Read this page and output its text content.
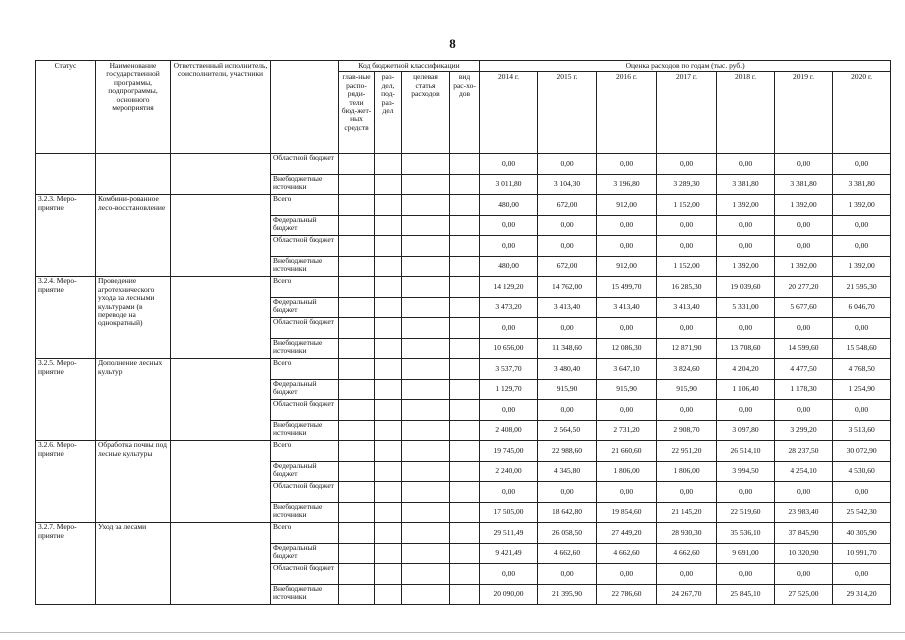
8
Статус	Наименование государственной программы, подпрограммы, основного мероприятия	Ответственный исполнитель, соисполнители, участники		Код бюджетной классификации				Оценка расходов по годам (тыс. руб.)						
				глав-ные распо-ряди-тели бюд-жет-ных средств	раз-дел, под-раз-дел	целевая статья расходов	вид рас-хо-дов	2014 г.	2015 г.	2016 г.	2017 г.	2018 г.	2019 г.	2020 г.
			Областной бюджет					0,00	0,00	0,00	0,00	0,00	0,00	0,00
			Внебюджетные источники					3 011,80	3 104,30	3 196,80	3 289,30	3 381,80	3 381,80	3 381,80
3.2.3. Меро-приятие	Комбини-рованное лесо-восстановление		Всего					480,00	672,00	912,00	1 152,00	1 392,00	1 392,00	1 392,00
			Федеральный бюджет					0,00	0,00	0,00	0,00	0,00	0,00	0,00
			Областной бюджет					0,00	0,00	0,00	0,00	0,00	0,00	0,00
			Внебюджетные источники					480,00	672,00	912,00	1 152,00	1 392,00	1 392,00	1 392,00
3.2.4. Меро-приятие	Проведение агротехнического ухода за лесными культурами (в переводе на однократный)		Всего					14 129,20	14 762,00	15 499,70	16 285,30	19 039,60	20 277,20	21 595,30
			Федеральный бюджет					3 473,20	3 413,40	3 413,40	3 413,40	5 331,00	5 677,60	6 046,70
			Областной бюджет					0,00	0,00	0,00	0,00	0,00	0,00	0,00
			Внебюджетные источники					10 656,00	11 348,60	12 086,30	12 871,90	13 708,60	14 599,60	15 548,60
3.2.5. Меро-приятие	Дополнение лесных культур		Всего					3 537,70	3 480,40	3 647,10	3 824,60	4 204,20	4 477,50	4 768,50
			Федеральный бюджет					1 129,70	915,90	915,90	915,90	1 106,40	1 178,30	1 254,90
			Областной бюджет					0,00	0,00	0,00	0,00	0,00	0,00	0,00
			Внебюджетные источники					2 408,00	2 564,50	2 731,20	2 908,70	3 097,80	3 299,20	3 513,60
3.2.6. Меро-приятие	Обработка почвы под лесные культуры		Всего					19 745,00	22 988,60	21 660,60	22 951,20	26 514,10	28 237,50	30 072,90
			Федеральный бюджет					2 240,00	4 345,80	1 806,00	1 806,00	3 994,50	4 254,10	4 530,60
			Областной бюджет					0,00	0,00	0,00	0,00	0,00	0,00	0,00
			Внебюджетные источники					17 505,00	18 642,80	19 854,60	21 145,20	22 519,60	23 983,40	25 542,30
3.2.7. Меро-приятие	Уход за лесами		Всего					29 511,49	26 058,50	27 449,20	28 930,30	35 536,10	37 845,90	40 305,90
			Федеральный бюджет					9 421,49	4 662,60	4 662,60	4 662,60	9 691,00	10 320,90	10 991,70
			Областной бюджет					0,00	0,00	0,00	0,00	0,00	0,00	0,00
			Внебюджетные источники					20 090,00	21 395,90	22 786,60	24 267,70	25 845,10	27 525,00	29 314,20
